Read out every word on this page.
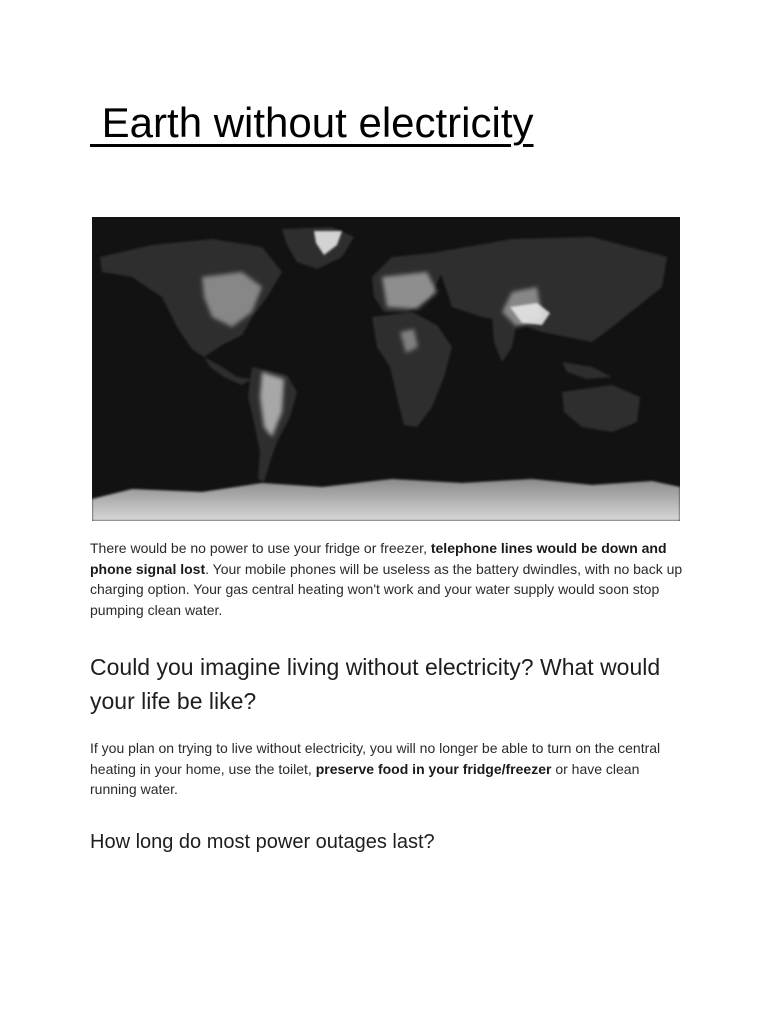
Earth without electricity

There would be no power to use your fridge or freezer, telephone lines would be down and phone signal lost. Your mobile phones will be useless as the battery dwindles, with no back up charging option. Your gas central heating won't work and your water supply would soon stop pumping clean water.

Could you imagine living without electricity? What would your life be like?

If you plan on trying to live without electricity, you will no longer be able to turn on the central heating in your home, use the toilet, preserve food in your fridge/freezer or have clean running water.

How long do most power outages last?
